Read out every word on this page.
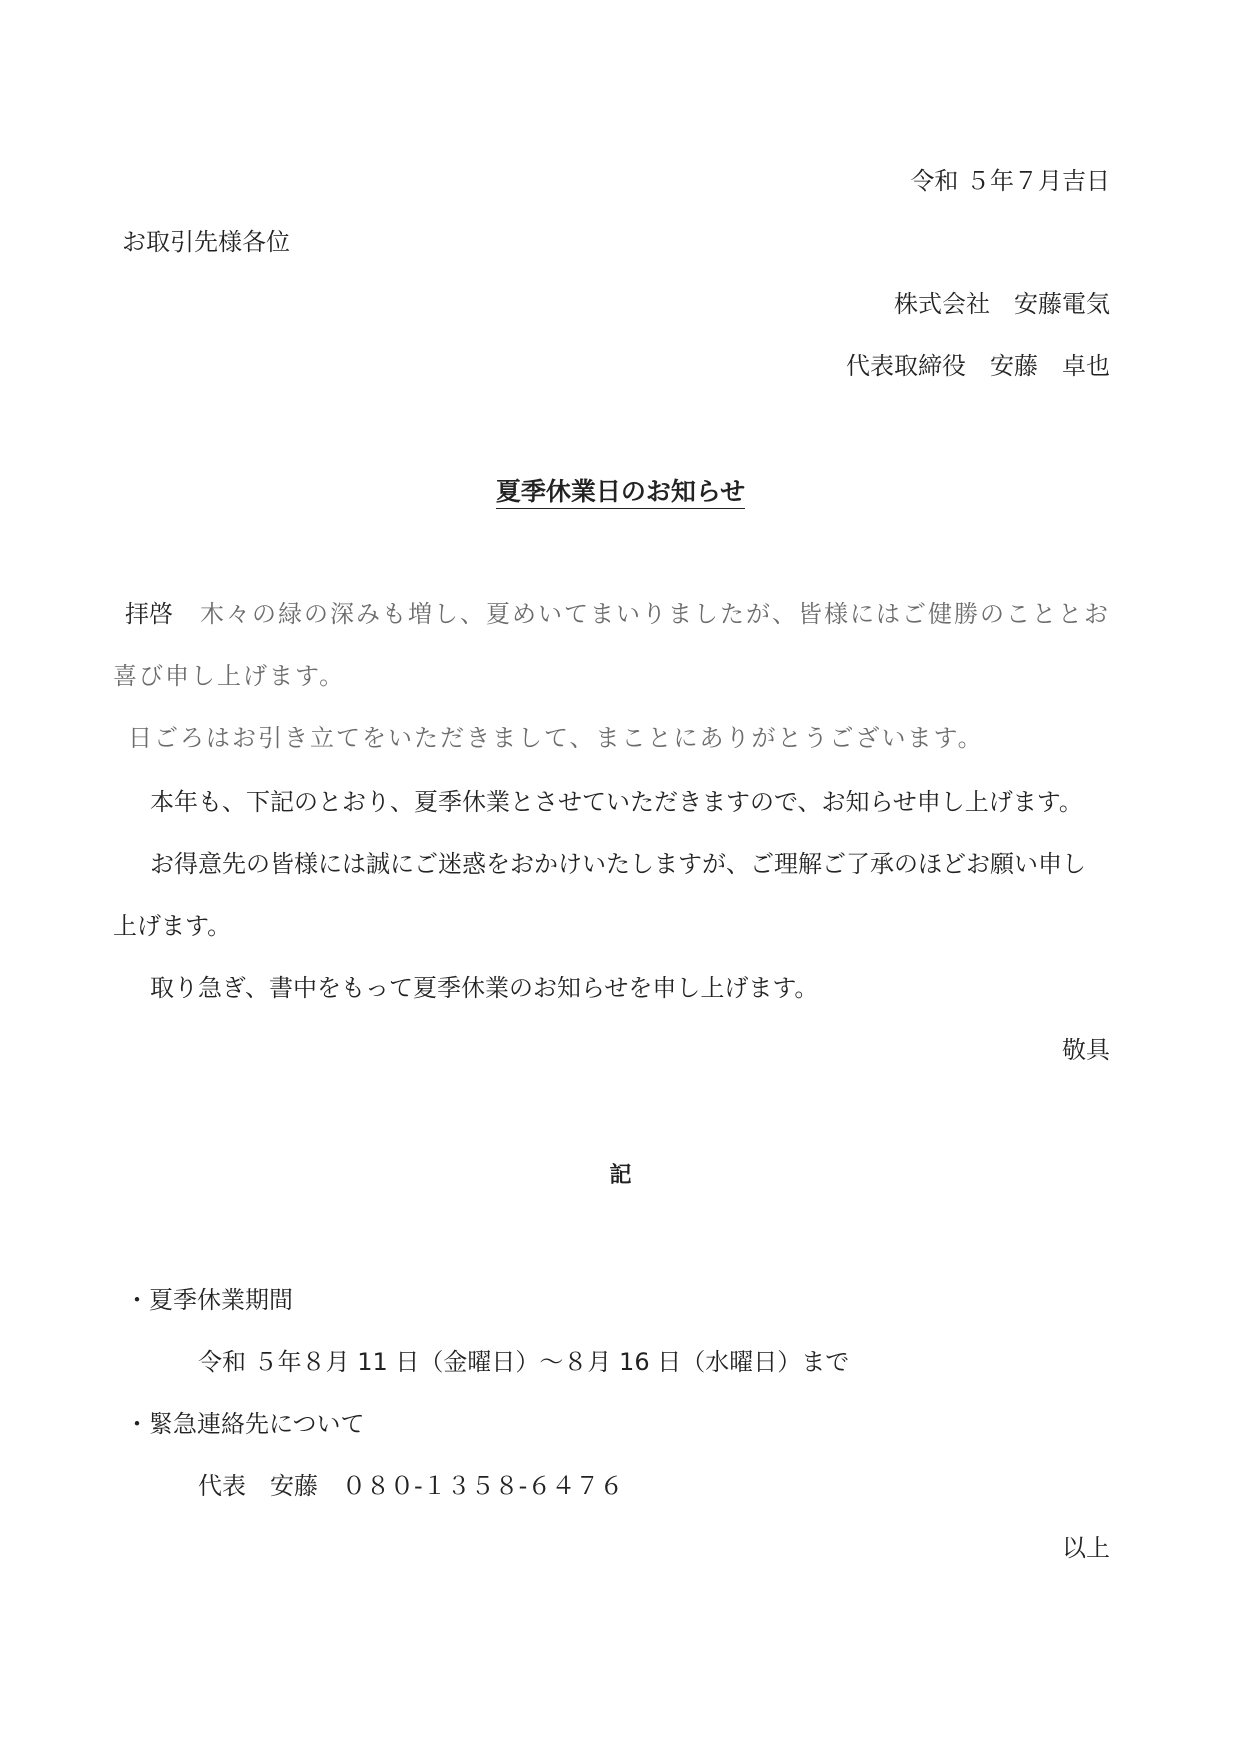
令和 ５年７月吉日
お取引先様各位
株式会社　安藤電気
代表取締役　安藤　卓也
夏季休業日のお知らせ
拝啓 木々の緑の深みも増し、夏めいてまいりましたが、皆様にはご健勝のこととお
喜び申し上げます。
日ごろはお引き立てをいただきまして、まことにありがとうございます。
本年も、下記のとおり、夏季休業とさせていただきますので、お知らせ申し上げます。
お得意先の皆様には誠にご迷惑をおかけいたしますが、ご理解ご了承のほどお願い申し
上げます。
取り急ぎ、書中をもって夏季休業のお知らせを申し上げます。
敬具
記
・夏季休業期間
令和 ５年８月 11 日（金曜日）～８月 16 日（水曜日）まで
・緊急連絡先について
代表　安藤　０８０-１３５８-６４７６
以上
